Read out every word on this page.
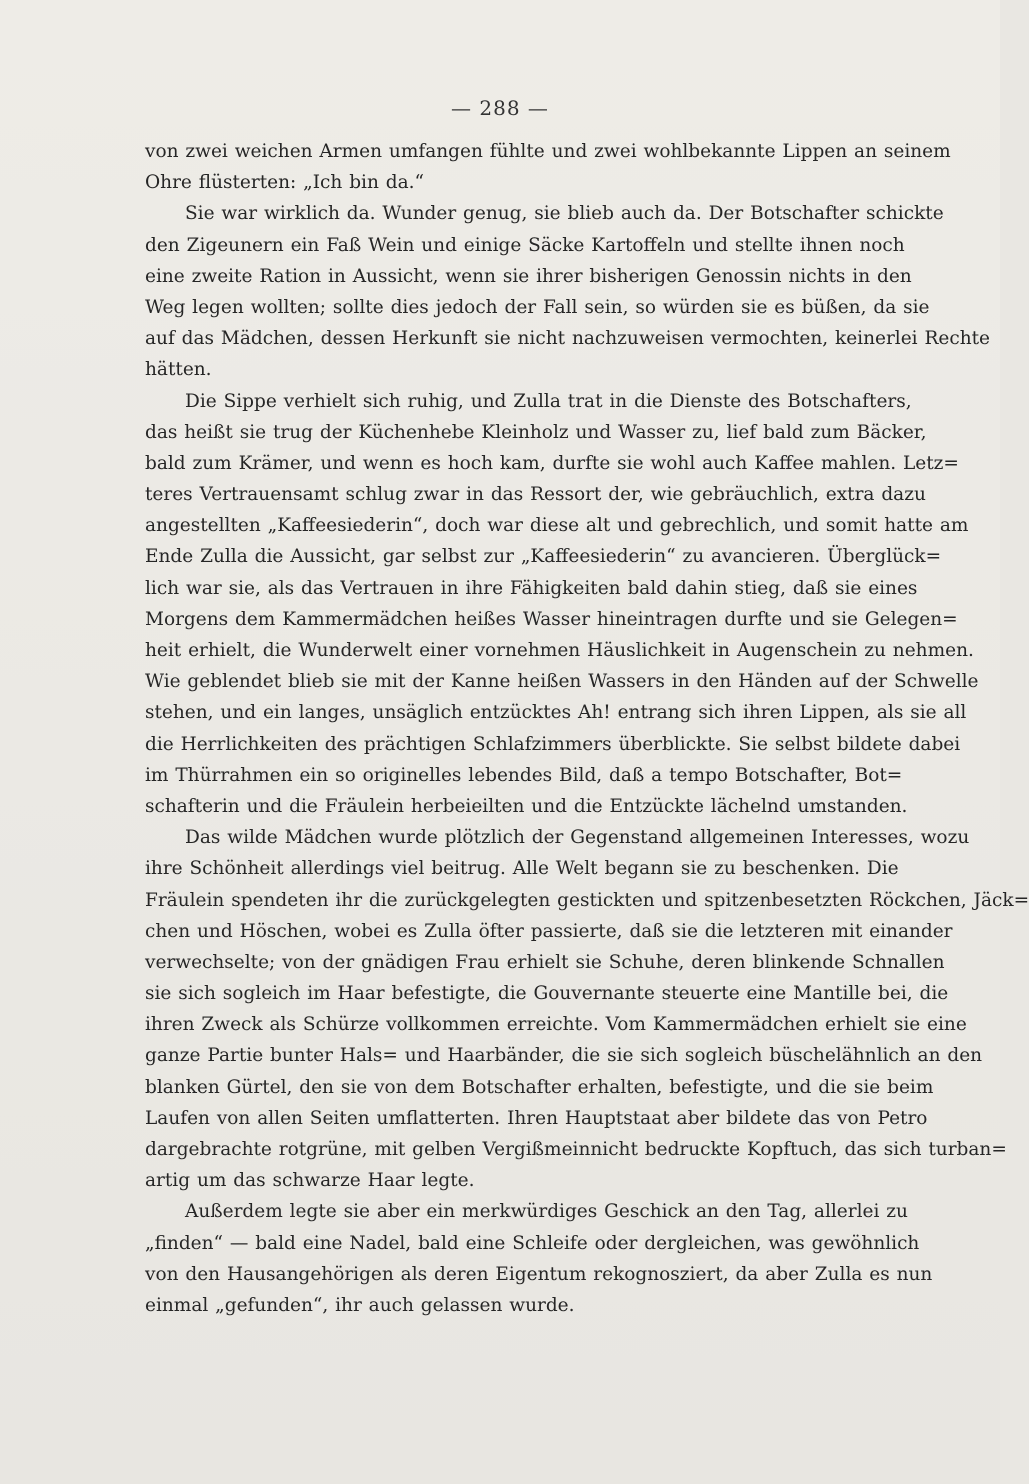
— 288 —
von zwei weichen Armen umfangen fühlte und zwei wohlbekannte Lippen an seinem
Ohre flüsterten: „Ich bin da.“
Sie war wirklich da. Wunder genug, sie blieb auch da. Der Botschafter schickte
den Zigeunern ein Faß Wein und einige Säcke Kartoffeln und stellte ihnen noch
eine zweite Ration in Aussicht, wenn sie ihrer bisherigen Genossin nichts in den
Weg legen wollten; sollte dies jedoch der Fall sein, so würden sie es büßen, da sie
auf das Mädchen, dessen Herkunft sie nicht nachzuweisen vermochten, keinerlei Rechte
hätten.
Die Sippe verhielt sich ruhig, und Zulla trat in die Dienste des Botschafters,
das heißt sie trug der Küchenhebe Kleinholz und Wasser zu, lief bald zum Bäcker,
bald zum Krämer, und wenn es hoch kam, durfte sie wohl auch Kaffee mahlen. Letz=
teres Vertrauensamt schlug zwar in das Ressort der, wie gebräuchlich, extra dazu
angestellten „Kaffeesiederin“, doch war diese alt und gebrechlich, und somit hatte am
Ende Zulla die Aussicht, gar selbst zur „Kaffeesiederin“ zu avancieren. Überglück=
lich war sie, als das Vertrauen in ihre Fähigkeiten bald dahin stieg, daß sie eines
Morgens dem Kammermädchen heißes Wasser hineintragen durfte und sie Gelegen=
heit erhielt, die Wunderwelt einer vornehmen Häuslichkeit in Augenschein zu nehmen.
Wie geblendet blieb sie mit der Kanne heißen Wassers in den Händen auf der Schwelle
stehen, und ein langes, unsäglich entzücktes Ah! entrang sich ihren Lippen, als sie all
die Herrlichkeiten des prächtigen Schlafzimmers überblickte. Sie selbst bildete dabei
im Thürrahmen ein so originelles lebendes Bild, daß a tempo Botschafter, Bot=
schafterin und die Fräulein herbeieilten und die Entzückte lächelnd umstanden.
Das wilde Mädchen wurde plötzlich der Gegenstand allgemeinen Interesses, wozu
ihre Schönheit allerdings viel beitrug. Alle Welt begann sie zu beschenken. Die
Fräulein spendeten ihr die zurückgelegten gestickten und spitzenbesetzten Röckchen, Jäck=
chen und Höschen, wobei es Zulla öfter passierte, daß sie die letzteren mit einander
verwechselte; von der gnädigen Frau erhielt sie Schuhe, deren blinkende Schnallen
sie sich sogleich im Haar befestigte, die Gouvernante steuerte eine Mantille bei, die
ihren Zweck als Schürze vollkommen erreichte. Vom Kammermädchen erhielt sie eine
ganze Partie bunter Hals= und Haarbänder, die sie sich sogleich büschelähnlich an den
blanken Gürtel, den sie von dem Botschafter erhalten, befestigte, und die sie beim
Laufen von allen Seiten umflatterten. Ihren Hauptstaat aber bildete das von Petro
dargebrachte rotgrüne, mit gelben Vergißmeinnicht bedruckte Kopftuch, das sich turban=
artig um das schwarze Haar legte.
Außerdem legte sie aber ein merkwürdiges Geschick an den Tag, allerlei zu
„finden“ — bald eine Nadel, bald eine Schleife oder dergleichen, was gewöhnlich
von den Hausangehörigen als deren Eigentum rekognosziert, da aber Zulla es nun
einmal „gefunden“, ihr auch gelassen wurde.
